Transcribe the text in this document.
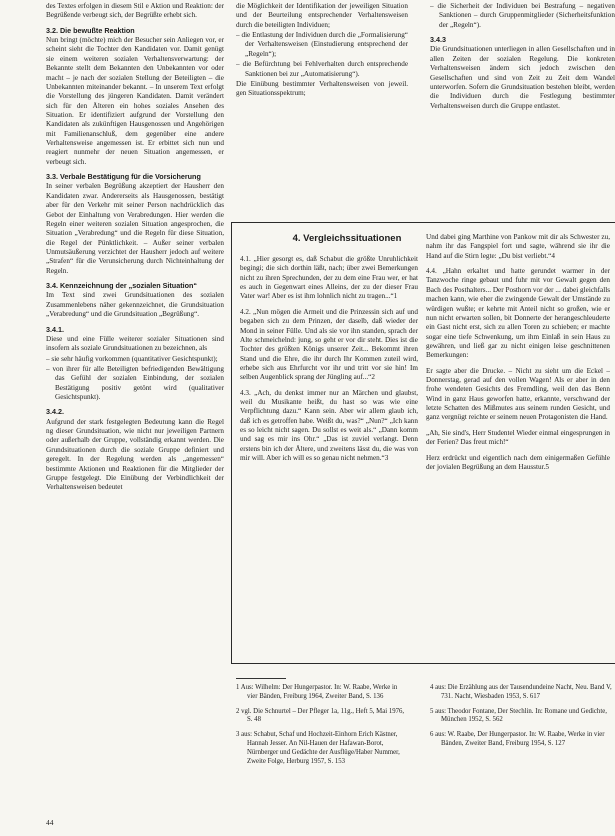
des Textes erfolgen in diesem Stil e Aktion und Reaktion: der Begrüßende verbeugt sich, der Begrüßte erhebt sich.

3.2. Die bewußte Reaktion

Nun bringt (möchte) mich der Besucher sein Anliegen vor, er scheint sieht die Tochter den Kandidaten vor. Damit genügt sie einem weiteren sozialen Verhaltensverwartung: der Bekannte stellt dem Bekannten den Unbekannten vor oder macht – je nach der sozialen Stellung der Beteiligten – die Unbekannten miteinander bekannt. – In unserem Text erfolgt die Vorstellung des jüngeren Kandidaten. Damit verändert sich für den Älteren ein hohes soziales Ansehen des Situation. Er identifiziert aufgrund der Vorstellung den Kandidaten als zukünftigen Hausgenossen und Angehörigen mit Familienanschluß, dem gegenüber eine andere Verhaltensweise angemessen ist. Er erbittet sich nun und reagiert nunmehr der neuen Situation angemessen, er verbeugt sich.

3.3. Verbale Bestätigung für die Vorsicherung

In seiner verbalen Begrüßung akzeptiert der Hausherr den Kandidaten zwar. Andererseits als Hausgenossen, bestätigt aber für den Verkehr mit seiner Person nachdrücklich das Gebot der Einhaltung von Verabredungen. Hier werden die Regeln einer weiteren sozialen Situation angesprochen, die Situation „Verabredung“ und die Regeln für diese Situation, die Regel der Pünktlichkeit. – Außer seiner verbalen Unmutsäußerung verzichtet der Hausherr jedoch auf weitere „Strafen“ für die Verunsicherung durch Nichteinhaltung der Regeln.

3.4. Kennzeichnung der „sozialen Situation“

Im Text sind zwei Grundsituationen des sozialen Zusammenlebens näher gekennzeichnet, die Grundsituation „Verabredung“ und die Grundsituation „Begrüßung“.

3.4.1.

Diese und eine Fülle weiterer sozialer Situationen sind insofern als soziale Grundsituationen zu bezeichnen, als

– sie sehr häufig vorkommen (quantitativer Gesichtspunkt);
– von ihrer für alle Beteiligten befriedigenden Bewältigung das Gefühl der sozialen Einbindung, der sozialen Bestätigung positiv getönt wird (qualitativer Gesichtspunkt).
3.4.2.

Aufgrund der stark festgelegten Bedeutung kann die Regel ng dieser Grundsituation, wie nicht nur jeweiligen Partnern oder außerhalb der Gruppe, vollständig erkannt werden. Die Grundsituationen durch die soziale Gruppe definiert und geregelt. In der Regelung werden als „angemessen“ bestimmte Aktionen und Reaktionen für die Mitglieder der Gruppe festgelegt. Die Einübung der Verbindlichkeit der Verhaltensweisen bedeutet

die Möglichkeit der Identifikation der jeweiligen Situation und der Beurteilung entsprechender Verhaltensweisen durch die beteiligten Individuen;

– die Entlastung der Individuen durch die „Formalisierung“ der Verhaltensweisen (Einstudierung entsprechend der „Regeln“);
– die Befürchtung bei Fehlverhalten durch entsprechende Sanktionen bei zur „Automatisierung“).

Die Einübung bestimmter Verhaltensweisen von jeweil. gen Situationsspektrum;

– die Sicherheit der Individuen bei Bestrafung – negativen Sanktionen – durch Gruppenmitglieder (Sicherheitsfunktion der „Regeln“).
3.4.3

Die Grundsituationen unterliegen in allen Gesellschaften und in allen Zeiten der sozialen Regelung. Die konkreten Verhaltensweisen ändern sich jedoch zwischen den Gesellschaften und sind von Zeit zu Zeit dem Wandel unterworfen. Sofern die Grundsituation bestehen bleibt, werden die Individuen durch die Festlegung bestimmter Verhaltensweisen durch die Gruppe entlastet.

4. Vergleichssituationen

4.1. „Hier gesorgt es, daß Schabut die größte Unruhlichkeit begingi; die sich dorthin läßt, nach; über zwei Bemerkungen nicht zu ihren Sprechunden, der zu dem eine Frau wer, er hat es auch in Gegenwart eines Alleins, der zu der dieser Frau Vater war! Aber es ist ihm lohnlich nicht zu tragen...“1

4.2. „Nun mögen die Armeit und die Prinzessin sich auf und begaben sich zu dem Prinzen, der daselb, daß wieder der Mond in seiner Fülle. Und als sie vor ihn standen, sprach der Alte schmeichelnd: jung, so geht er vor dir steht. Dies ist die Tochter des größten Königs unserer Zeit... Bekommt ihren Stand und die Ehre, die ihr durch Ihr Kommen zuteil wird, erhebe sich aus Ehrfurcht vor ihr und tritt vor sie hin! Im selben Augenblick sprang der Jüngling auf...“2

4.3. „Ach, du denkst immer nur an Märchen und glaubst, weil du Musikante heißt, du hast so was wie eine Verpflichtung dazu.“ Kann sein. Aber wir allem glaub ich, daß ich es getroffen habe. Weißt du, was?“ „Nun?“ „Ich kann es so leicht nicht sagen. Du sollst es weit als.“ „Dann komm und sag es mir ins Ohr.“ „Das ist zuviel verlangt. Denn erstens bin ich der Ältere, und zweitens lässt du, die was von mir will. Aber ich will es so genau nicht nehmen.“3

Und dabei ging Marthine von Pankow mit dir als Schwester zu, nahm ihr das Fangspiel fort und sagte, während sie ihr die Hand auf die Stirn legte: „Du bist verliebt.“4

4.4. „Hahn erkaltet und hatte gerundet warmer in der Tanzwoche ringe gebaut und fuhr mit vor Gewalt gegen den Bach des Posthalters... Der Posthorn vor der ... dabei gleichfalls machen kann, wie eher die zwingende Gewalt der Umstände zu würdigen wußte; er kehrte mit Anteil nicht so großen, wie er nun nicht erwarten sollen, bit Donnerte der herangeschleuderte ein Gast nicht erst, sich zu allen Toren zu schieben; er machte sogar eine tiefe Schwenkung, um ihm Einlaß in sein Haus zu gewähren, und ließ gar zu nicht einigen leise geschnittenen Bemerkungen:

Er sagte aber die Drucke. – Nicht zu sieht um die Eckel – Donnerstag, gerad auf den vollen Wagen! Als er aber in den frohe wendeten Gesichts des Fremdling, weil den das Benn Wind in ganz Haus geworfen hatte, erkannte, verschwand der letzte Schatten des Mißmutes aus seinem runden Gesicht, und ganz vergnügt reichte er seinem neuen Protagonisten die Hand.

„Ah, Sie sind's, Herr Studentel Wieder einmal eingesprungen in der Ferien? Das freut mich!“

Herz erdrückt und eigentlich nach dem einigermaßen Gefühle der jovialen Begrüßung an dem Hausstur.5

1 Aus: Wilhelm: Der Hungerpastor. In: W. Raabe, Werke in vier Bänden, Freiburg 1964, Zweiter Band, S. 136

2 vgl. Die Schnurtel – Der Pfleger 1a, 11g., Heft 5, Mai 1976, S. 48

3 aus: Schabut, Schaf und Hochzeit-Einhorn Erich Kästner, Hannah Jesser. An Nil-Hauen der Hafawan-Borot, Nürnberger und Gedächte der Ausflüge/Haber Nummer, Zweite Folge, Herburg 1957, S. 153

4 aus: Die Erzählung aus der Tausendundeine Nacht, Neu. Band V, 731. Nacht, Wiesbaden 1953, S. 617

5 aus: Theodor Fontane, Der Stechlin. In: Romane und Gedichte, München 1952, S. 562

6 aus: W. Raabe, Der Hungerpastor. In: W. Raabe, Werke in vier Bänden, Zweiter Band, Freiburg 1954, S. 127

44
